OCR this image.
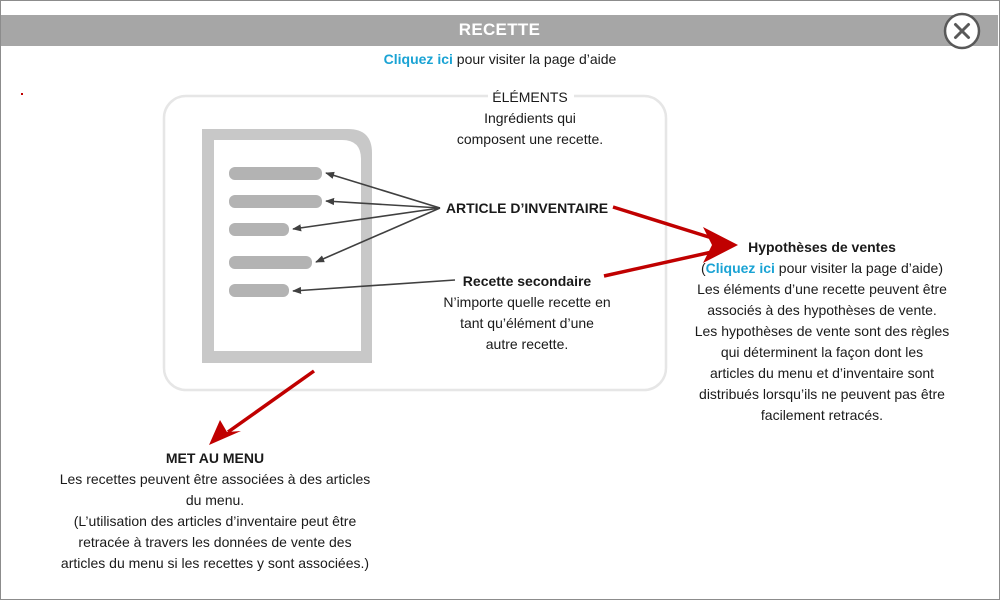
RECETTE
Cliquez ici pour visiter la page d’aide
ÉLÉMENTS
Ingrédients qui
composent une recette.
ARTICLE D’INVENTAIRE
Recette secondaire
N’importe quelle recette en
tant qu’élément d’une
autre recette.
Hypothèses de ventes
(Cliquez ici pour visiter la page d’aide)
Les éléments d’une recette peuvent être
associés à des hypothèses de vente.
Les hypothèses de vente sont des règles
qui déterminent la façon dont les
articles du menu et d’inventaire sont
distribués lorsqu’ils ne peuvent pas être
facilement retracés.
MET AU MENU
Les recettes peuvent être associées à des articles
du menu.
(L’utilisation des articles d’inventaire peut être
retracée à travers les données de vente des
articles du menu si les recettes y sont associées.)
